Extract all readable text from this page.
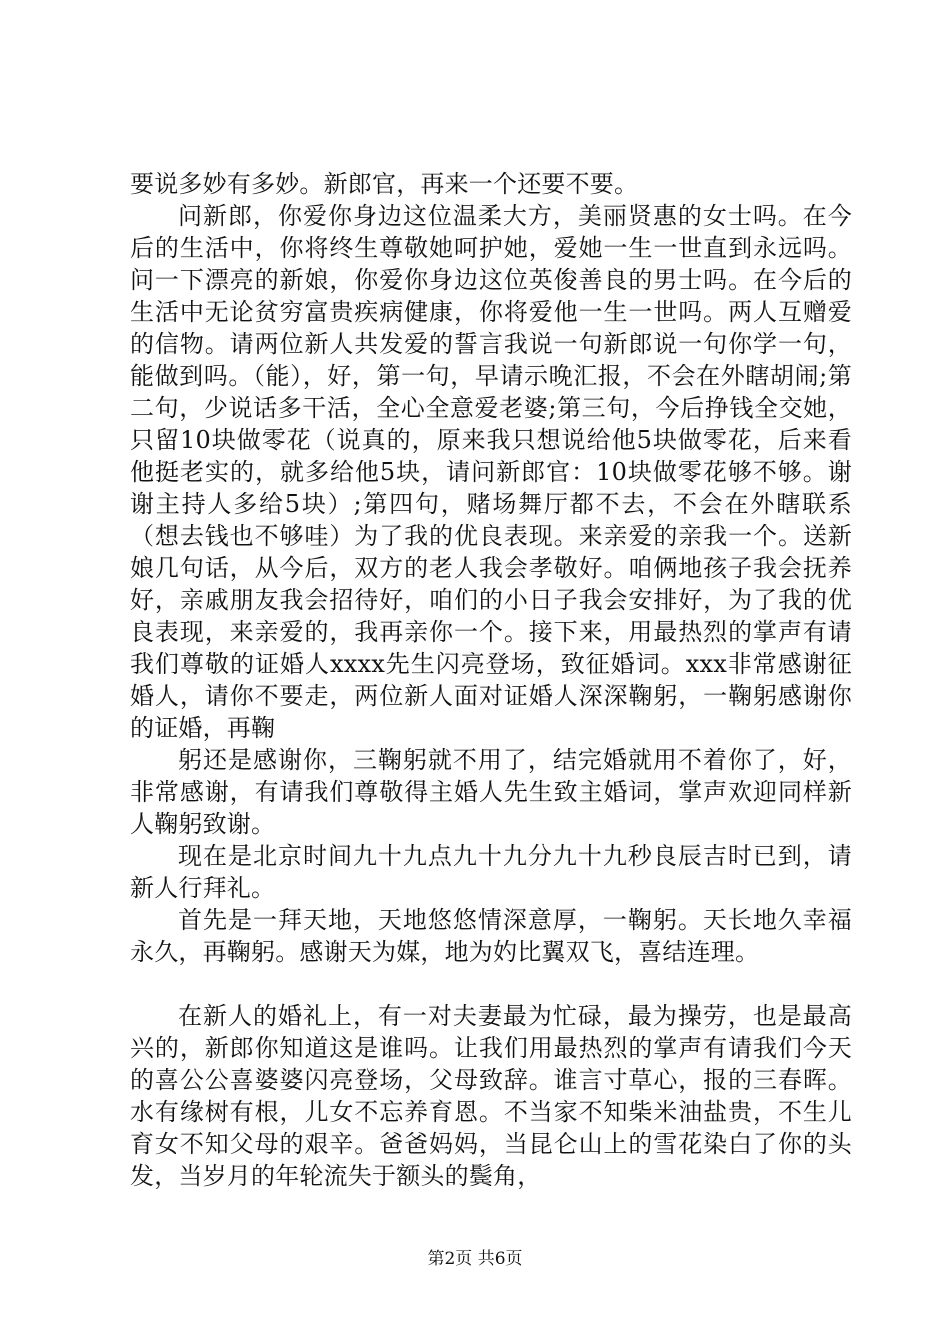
要说多妙有多妙。新郎官，再来一个还要不要。

问新郎，你爱你身边这位温柔大方，美丽贤惠的女士吗。在今后的生活中，你将终生尊敬她呵护她，爱她一生一世直到永远吗。问一下漂亮的新娘，你爱你身边这位英俊善良的男士吗。在今后的生活中无论贫穷富贵疾病健康，你将爱他一生一世吗。两人互赠爱的信物。请两位新人共发爱的誓言我说一句新郎说一句你学一句，能做到吗。（能），好，第一句，早请示晚汇报，不会在外瞎胡闹;第二句，少说话多干活，全心全意爱老婆;第三句，今后挣钱全交她，只留10块做零花（说真的，原来我只想说给他5块做零花，后来看他挺老实的，就多给他5块，请问新郎官：10块做零花够不够。谢谢主持人多给5块）;第四句，赌场舞厅都不去，不会在外瞎联系（想去钱也不够哇）为了我的优良表现。来亲爱的亲我一个。送新娘几句话，从今后，双方的老人我会孝敬好。咱俩地孩子我会抚养好，亲戚朋友我会招待好，咱们的小日子我会安排好，为了我的优良表现，来亲爱的，我再亲你一个。接下来，用最热烈的掌声有请我们尊敬的证婚人xxxx先生闪亮登场，致征婚词。xxx非常感谢征婚人，请你不要走，两位新人面对证婚人深深鞠躬，一鞠躬感谢你的证婚，再鞠

躬还是感谢你，三鞠躬就不用了，结完婚就用不着你了，好，非常感谢，有请我们尊敬得主婚人先生致主婚词，掌声欢迎同样新人鞠躬致谢。

现在是北京时间九十九点九十九分九十九秒良辰吉时已到，请新人行拜礼。

首先是一拜天地，天地悠悠情深意厚，一鞠躬。天长地久幸福永久，再鞠躬。感谢天为媒，地为妁比翼双飞，喜结连理。

在新人的婚礼上，有一对夫妻最为忙碌，最为操劳，也是最高兴的，新郎你知道这是谁吗。让我们用最热烈的掌声有请我们今天的喜公公喜婆婆闪亮登场，父母致辞。谁言寸草心，报的三春晖。水有缘树有根，儿女不忘养育恩。不当家不知柴米油盐贵，不生儿育女不知父母的艰辛。爸爸妈妈，当昆仑山上的雪花染白了你的头发，当岁月的年轮流失于额头的鬓角，

第2页 共6页
